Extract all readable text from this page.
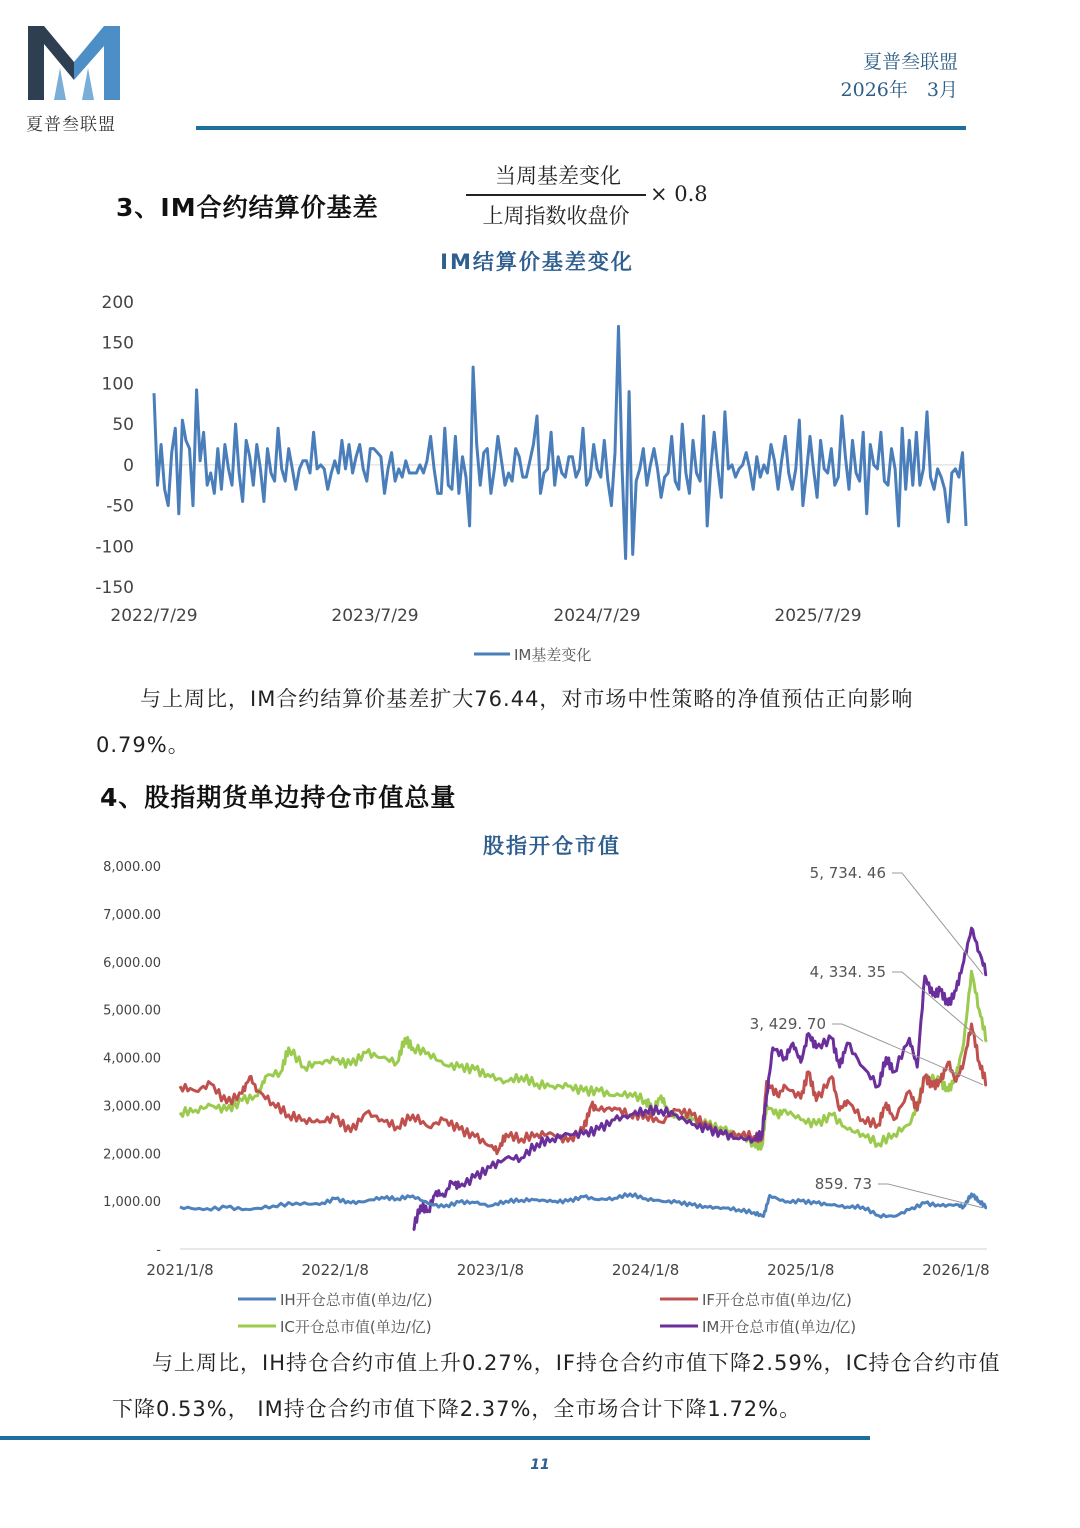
夏普叁联盟
夏普叁联盟
2026年　3月
3、IM合约结算价基差
当周基差变化
上周指数收盘价
× 0.8
IM结算价基差变化
200
150
100
50
0
-50
-100
-150
2022/7/29	2023/7/29	2024/7/29	2025/7/29
IM基差变化
与上周比，IM合约结算价基差扩大76.44，对市场中性策略的净值预估正向影响0.79%。
4、股指期货单边持仓市值总量
股指开仓市值
8,000.00
7,000.00
6,000.00
5,000.00
4,000.00
3,000.00
2,000.00
1,000.00
-
5, 734. 46
4, 334. 35
3, 429. 70
859. 73
2021/1/8	2022/1/8	2023/1/8	2024/1/8	2025/1/8	2026/1/8
IH开仓总市值(单边/亿)	IF开仓总市值(单边/亿)
IC开仓总市值(单边/亿)	IM开仓总市值(单边/亿)
与上周比，IH持仓合约市值上升0.27%，IF持仓合约市值下降2.59%，IC持仓合约市值下降0.53%， IM持仓合约市值下降2.37%，全市场合计下降1.72%。
11
